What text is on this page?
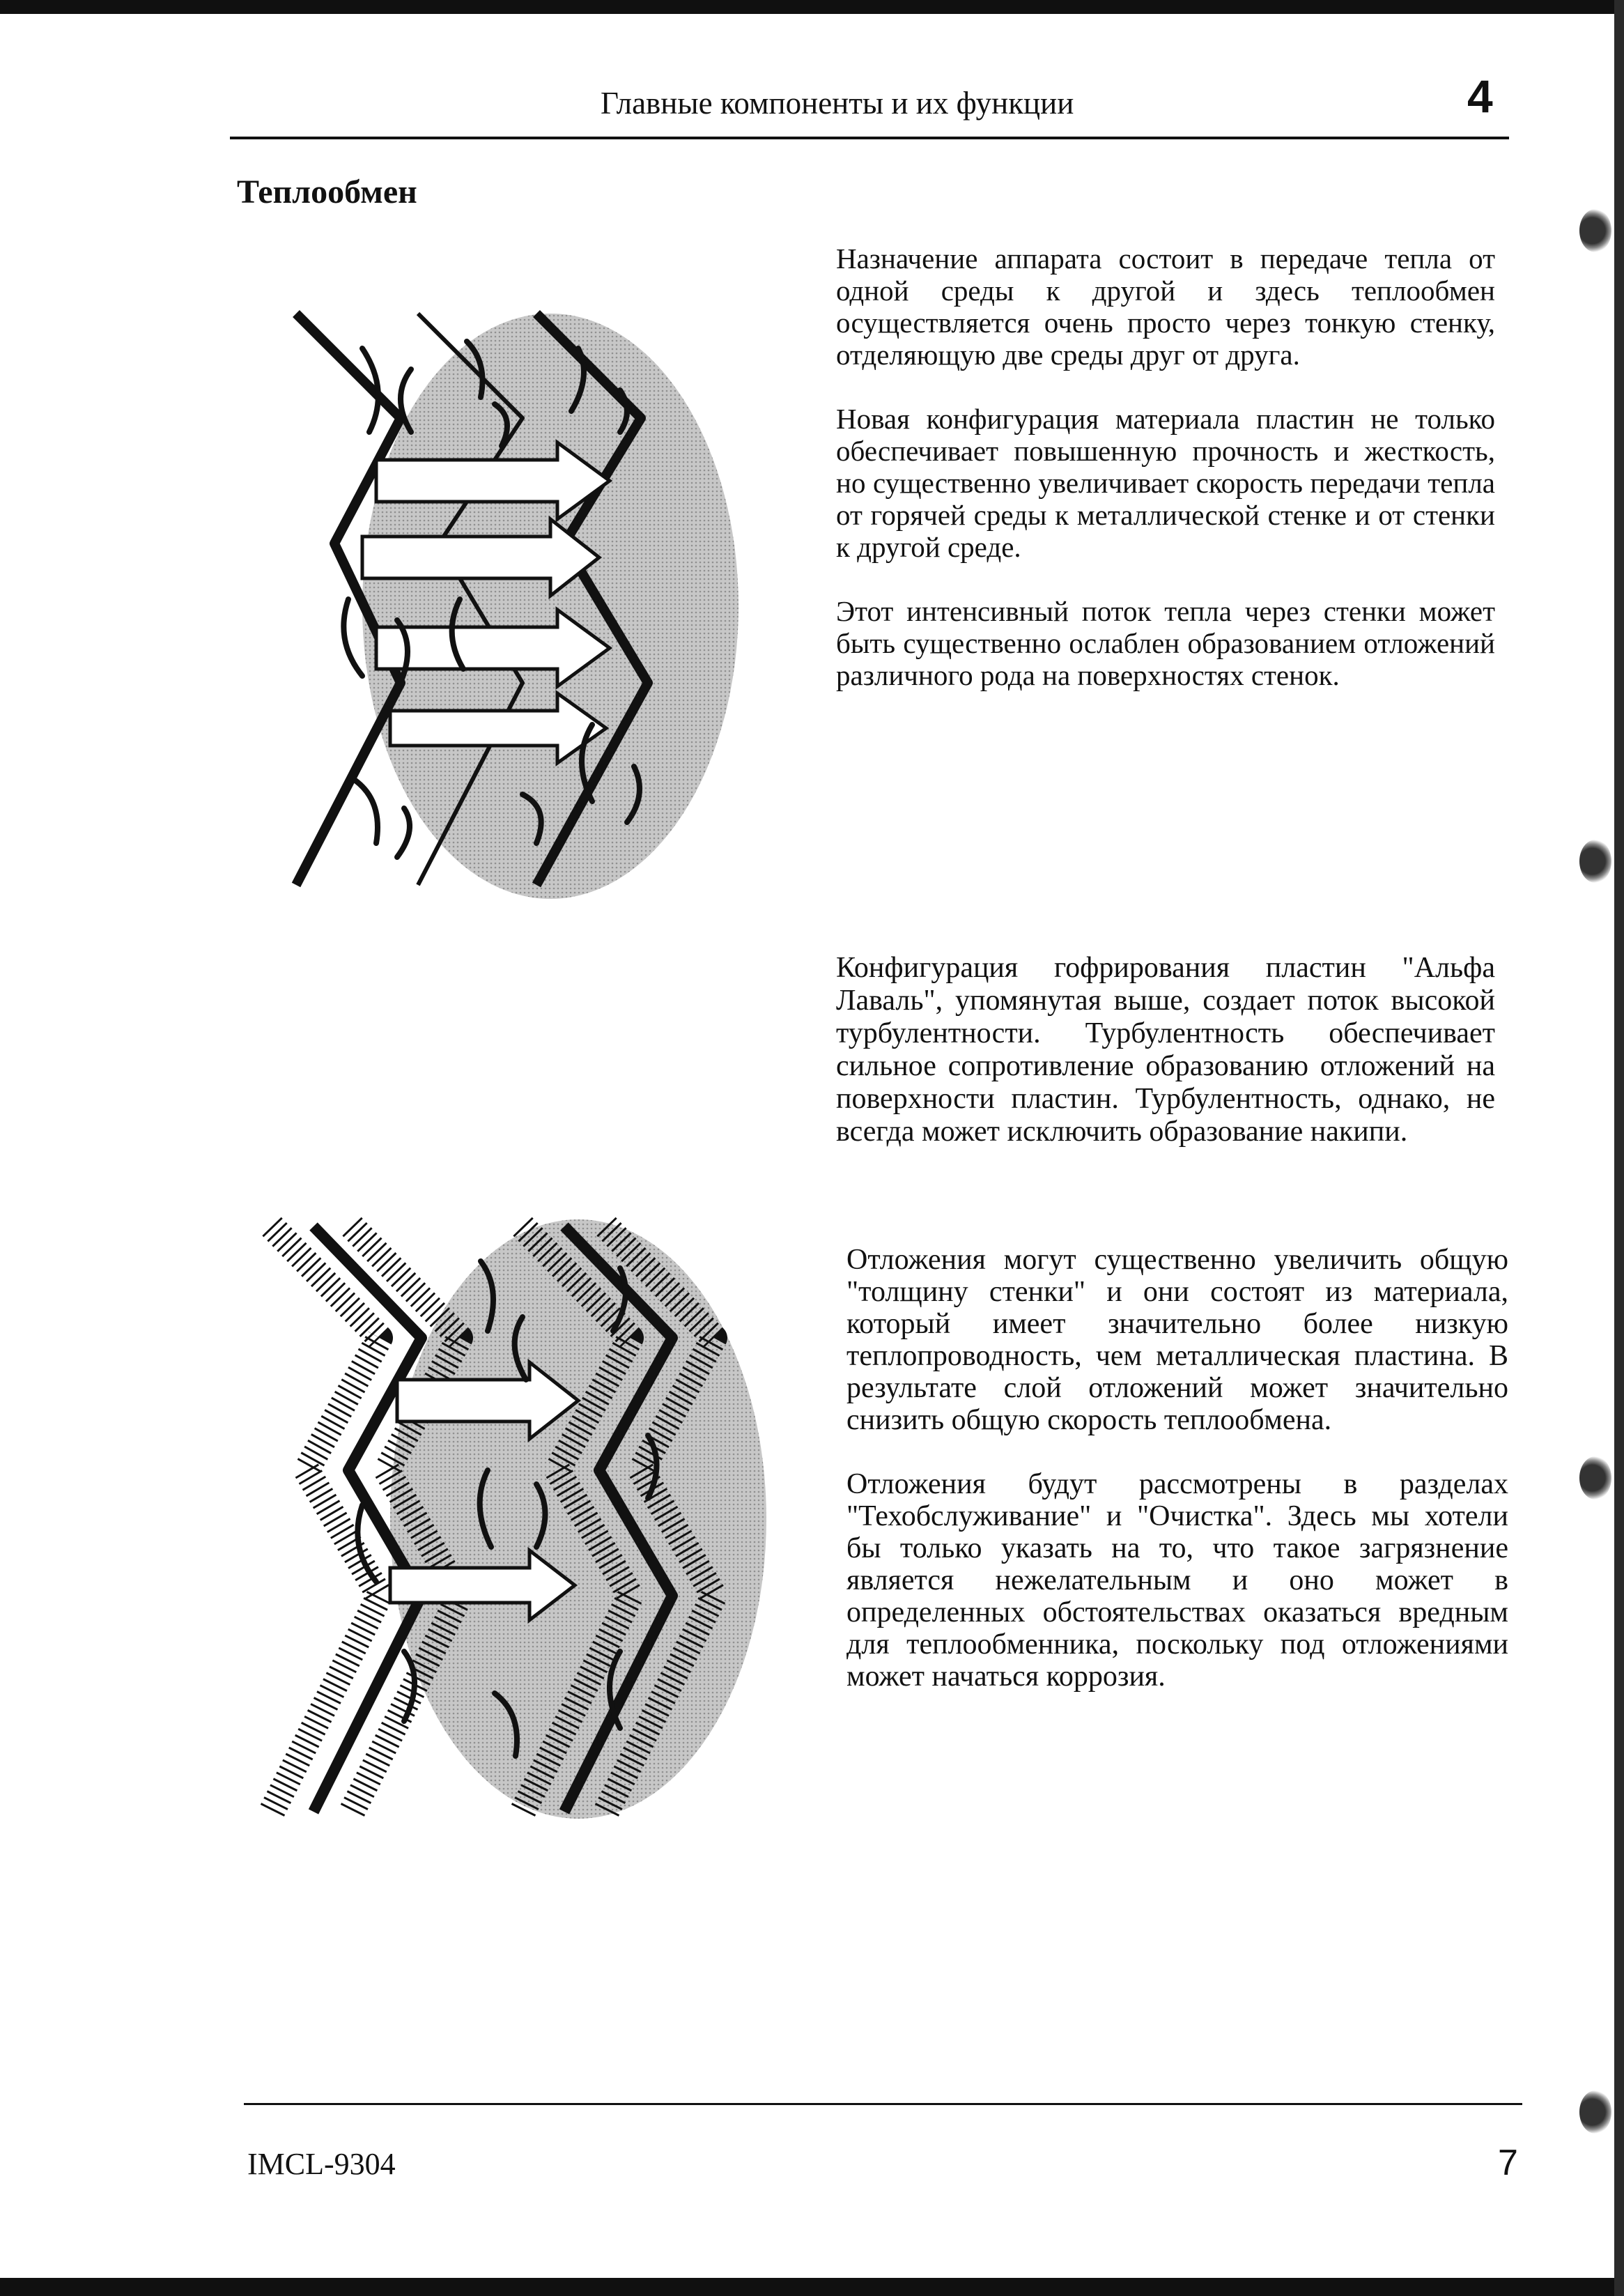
Главные компоненты и их функции	4
Теплообмен

Назначение аппарата состоит в передаче тепла от одной среды к другой и здесь теплообмен осуществляется очень просто через тонкую стенку, отделяющую две среды друг от друга.

Новая конфигурация материала пластин не только обеспечивает повышенную прочность и жесткость, но существенно увеличивает скорость передачи тепла от горячей среды к металлической стенке и от стенки к другой среде.

Этот интенсивный поток тепла через стенки может быть существенно ослаблен образованием отложений различного рода на поверхностях стенок.

Конфигурация гофрирования пластин "Альфа Лаваль", упомянутая выше, создает поток высокой турбулентности. Турбулентность обеспечивает сильное сопротивление образованию отложений на поверхности пластин. Турбулентность, однако, не всегда может исключить образование накипи.

Отложения могут существенно увеличить общую "толщину стенки" и они состоят из материала, который имеет значительно более низкую теплопроводность, чем металлическая пластина. В результате слой отложений может значительно снизить общую скорость теплообмена.

Отложения будут рассмотрены в разделах "Техобслуживание" и "Очистка". Здесь мы хотели бы только указать на то, что такое загрязнение является нежелательным и оно может в определенных обстоятельствах оказаться вредным для теплообменника, поскольку под отложениями может начаться коррозия.

IMCL-9304	7
